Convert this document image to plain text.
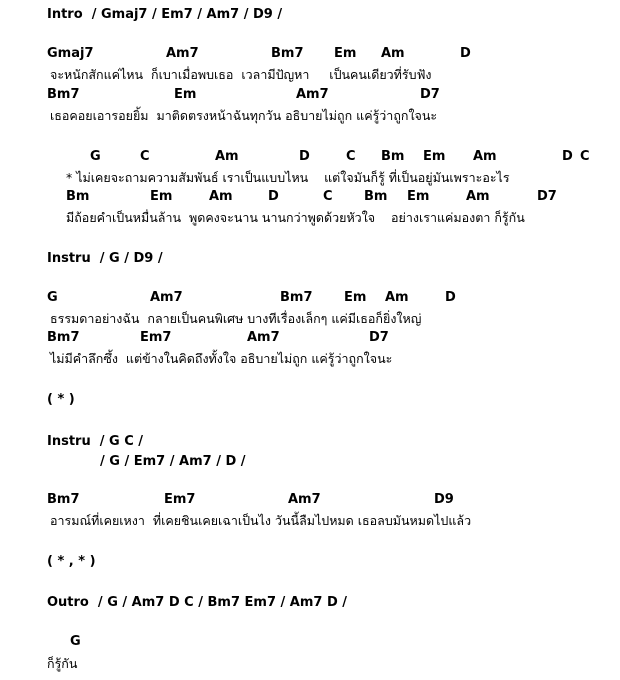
Intro  / Gmaj7 / Em7 / Am7 / D9 /
Gmaj7	Am7	Bm7 Em Am	D
จะหนักสักแค่ไหน  ก็เบาเมื่อพบเธอ  เวลามีปัญหา     เป็นคนเดียวที่รับฟัง
Bm7	Em	Am7	D7
เธอคอยเอารอยยิ้ม  มาติดตรงหน้าฉันทุกวัน อธิบายไม่ถูก แค่รู้ว่าถูกใจนะ
G	C	Am	D	C Bm Em Am	D C
* ไม่เคยจะถามความสัมพันธ์ เราเป็นแบบไหน    แต่ใจมันก็รู้ ที่เป็นอยู่มันเพราะอะไร
Bm	Em	Am	D	C Bm Em	Am	D7
มีถ้อยคำเป็นหมื่นล้าน  พูดคงจะนาน นานกว่าพูดด้วยหัวใจ    อย่างเราแค่มองตา ก็รู้กัน
Instru  / G / D9 /
G	Am7	Bm7 Em Am	D
ธรรมดาอย่างฉัน  กลายเป็นคนพิเศษ บางทีเรื่องเล็กๆ แค่มีเธอก็ยิ่งใหญ่
Bm7	Em7	Am7	D7
ไม่มีคำลึกซึ้ง  แต่ข้างในคิดถึงทั้งใจ อธิบายไม่ถูก แค่รู้ว่าถูกใจนะ
( * )
Instru  / G C /
/ G / Em7 / Am7 / D /
Bm7	Em7	Am7	D9
อารมณ์ที่เคยเหงา  ที่เคยชินเคยเฉาเป็นไง วันนี้ลืมไปหมด เธอลบมันหมดไปแล้ว
( * , * )
Outro  / G / Am7 D C / Bm7 Em7 / Am7 D /
G
ก็รู้กัน
